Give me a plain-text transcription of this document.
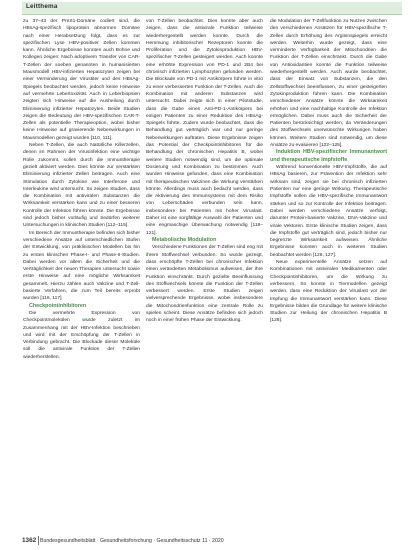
Leitthema

zu 37–43 der PreS1-Domäne codiert sind, die HBsAg-spezifisch lipoprotein abnormen Domäne nach einer Herabsetzung folgt, dass es zur spezifischen Lyse HBV-positiver Zellen kommen kann. Ähnliche Ergebnisse konnten auch Bohne und Kollegen zeigen: Nach adoptivem Transfer von CAR-T-Zellen der soeben genannten in humanisierten Mausmodell HBV-infizierten Hepatozyten zeigen bei einer Verminderung der Virustiter und des HBsAg-Spiegels beobachtet werden, jedoch keine Hinweise auf vermehrte Lebertoxizität. Auch in Leberbiopsien zeigten sich Hinweise auf die Ausheilung durch Eliminierung infizierter Hepatozyten. Beide Studien zeigen die Bedeutung der HBV-spezifischen CAR-T-Zellen als potentielle Therapieoption, wobei bisher keine Hinweise auf gravierende Nebenwirkungen in Mausmodellen gezeigt wurden [110, 111].

Neben T-Zellen, die auch Natürliche Killerzellen, denen im Rahmen der Virusinfektion eine wichtige Rolle zukommt, sollen durch die Immuntherapie gezielt aktiviert werden. Dies könnte zur verstärkten Eliminierung infizierter Zellen beitragen. Auch eine Stimulation durch Zytokine wie Interferone und Interleukine wird untersucht. So zeigen Studien, dass die Kombination mit antiviralen Substanzen die Wirksamkeit verstärken kann und zu einer besseren Kontrolle der Infektion führen könnte. Die Ergebnisse sind jedoch bisher vorläufig und bedürfen weiterer Untersuchungen in klinischen Studien [112–115].

Im Bereich der Immuntherapie befinden sich bisher verschiedene Ansätze auf unterschiedlichen Stufen der Entwicklung, von präklinischen Modellen bis hin zu ersten klinischen Phase-I- und Phase-II-Studien. Dabei werden vor allem die Sicherheit und die Verträglichkeit der neuen Therapien untersucht sowie erste Hinweise auf eine mögliche Wirksamkeit gesammelt. Hierzu zählen auch Vakzine und T-Zell-basierte Verfahren, die zum Teil bereits erprobt wurden [116, 117].

Checkpointinhibitoren

Die vermehrte Expression von Checkpointmolekülen wurde zuletzt im Zusammenhang mit der HBV-Infektion beschrieben und wird mit der Erschöpfung der T-Zellen in Verbindung gebracht. Die Blockade dieser Moleküle soll die antivirale Funktion der T-Zellen wiederherstellen.

von T-Zellen beobachtet. Dies konnte aber auch zeigen, dass die antivirale Funktion teilweise wiederhergestellt werden konnte. Durch die Hemmung inhibitorischer Rezeptoren konnte die Proliferation und die Zytokinproduktion HBV-spezifischer T-Zellen gesteigert werden. Auch konnte eine erhöhte Expression von PD-1 und 2B4 bei chronisch infizierten Lymphozyten gefunden werden. Die Blockade von PD-1 mit Antikörpern führte in vitro zu einer verbesserten Funktion der T-Zellen. Auch die Kombination mit anderen Substanzen wird untersucht. Dabei zeigte sich in einer Pilotstudie, dass die Gabe eines Anti-PD-1-Antikörpers bei einigen Patienten zu einer Reduktion des HBsAg-Spiegels führte. Zudem wurde beobachtet, dass die Behandlung gut verträglich war und nur geringe Nebenwirkungen auftraten. Diese Ergebnisse zeigen das Potential der Checkpointinhibitoren für die Behandlung der chronischen Hepatitis B, wobei weitere Studien notwendig sind, um die optimale Dosierung und Kombination zu bestimmen. Auch wurden Hinweise gefunden, dass eine Kombination mit therapeutischen Vakzinen die Wirkung verstärken könnte. Allerdings muss auch bedacht werden, dass die Aktivierung des Immunsystems mit dem Risiko von Leberschäden verbunden sein kann, insbesondere bei Patienten mit hoher Viruslast. Daher ist eine sorgfältige Auswahl der Patienten und eine engmaschige Überwachung notwendig [118–121].

Metabolische Modulation

Verschiedene Funktionen der T-Zellen sind eng mit ihrem Stoffwechsel verbunden. So wurde gezeigt, dass erschöpfte T-Zellen bei chronischer Infektion einen veränderten Metabolismus aufweisen, der ihre Funktion einschränkt. Durch gezielte Beeinflussung des Stoffwechsels könnte die Funktion der T-Zellen verbessert werden. Erste Studien zeigen vielversprechende Ergebnisse, wobei insbesondere die Mitochondrienfunktion eine zentrale Rolle zu spielen scheint. Diese Ansätze befinden sich jedoch noch in einer frühen Phase der Entwicklung.

die Modulation der T-Zellfunktion zu Nutzen zwischen den verschiedenen Ansätzen für HBV-spezifische T-Zellen durch Erhöhung des Argininspiegels erreicht werden. Weiterhin wurde gezeigt, dass eine verminderte Verfügbarkeit der Mitochondrien die Funktion der T-Zellen einschränkt. Durch die Gabe von Antioxidantien konnte die Funktion teilweise wiederhergestellt werden. Auch wurde beobachtet, dass der Einsatz von Substanzen, die den Zellstoffwechsel beeinflussen, zu einer gesteigerten Zytokinproduktion führen kann. Die Kombination verschiedener Ansätze könnte die Wirksamkeit erhöhen und eine nachhaltige Kontrolle der Infektion ermöglichen. Dabei muss auch die Sicherheit der Patienten berücksichtigt werden, da Veränderungen des Stoffwechsels unerwünschte Wirkungen haben können. Weitere Studien sind notwendig, um diese Ansätze zu evaluieren [122–125].

Induktion HBV-spezifischer Immunantwort und therapeutische Impfstoffe

Während konventionelle HBV-Impfstoffe, die auf HBsAg basieren, zur Prävention der Infektion sehr wirksam sind, zeigen sie bei chronisch infizierten Patienten nur eine geringe Wirkung. Therapeutische Impfstoffe sollen die HBV-spezifische Immunantwort stärken und so zur Kontrolle der Infektion beitragen. Dabei werden verschiedene Ansätze verfolgt, darunter Protein-basierte Vakzine, DNA-Vakzine und virale Vektoren. Erste klinische Studien zeigen, dass die Impfstoffe gut verträglich sind, jedoch bisher nur begrenzte Wirksamkeit aufweisen. Ähnliche Ergebnisse konnten auch in weiteren Studien beobachtet werden [126, 127].

Neue experimentelle Ansätze setzen auf Kombinationen mit antiviralen Medikamenten oder Checkpointinhibitoren, um die Wirkung zu verbessern. So konnte in Tiermodellen gezeigt werden, dass eine Reduktion der Viruslast vor der Impfung die Immunantwort verstärken kann. Diese Ergebnisse bilden die Grundlage für weitere klinische Studien zur Heilung der chronischen Hepatitis B [128].

1362 Bundesgesundheitsblatt · Gesundheitsforschung · Gesundheitsschutz 11 · 2020
